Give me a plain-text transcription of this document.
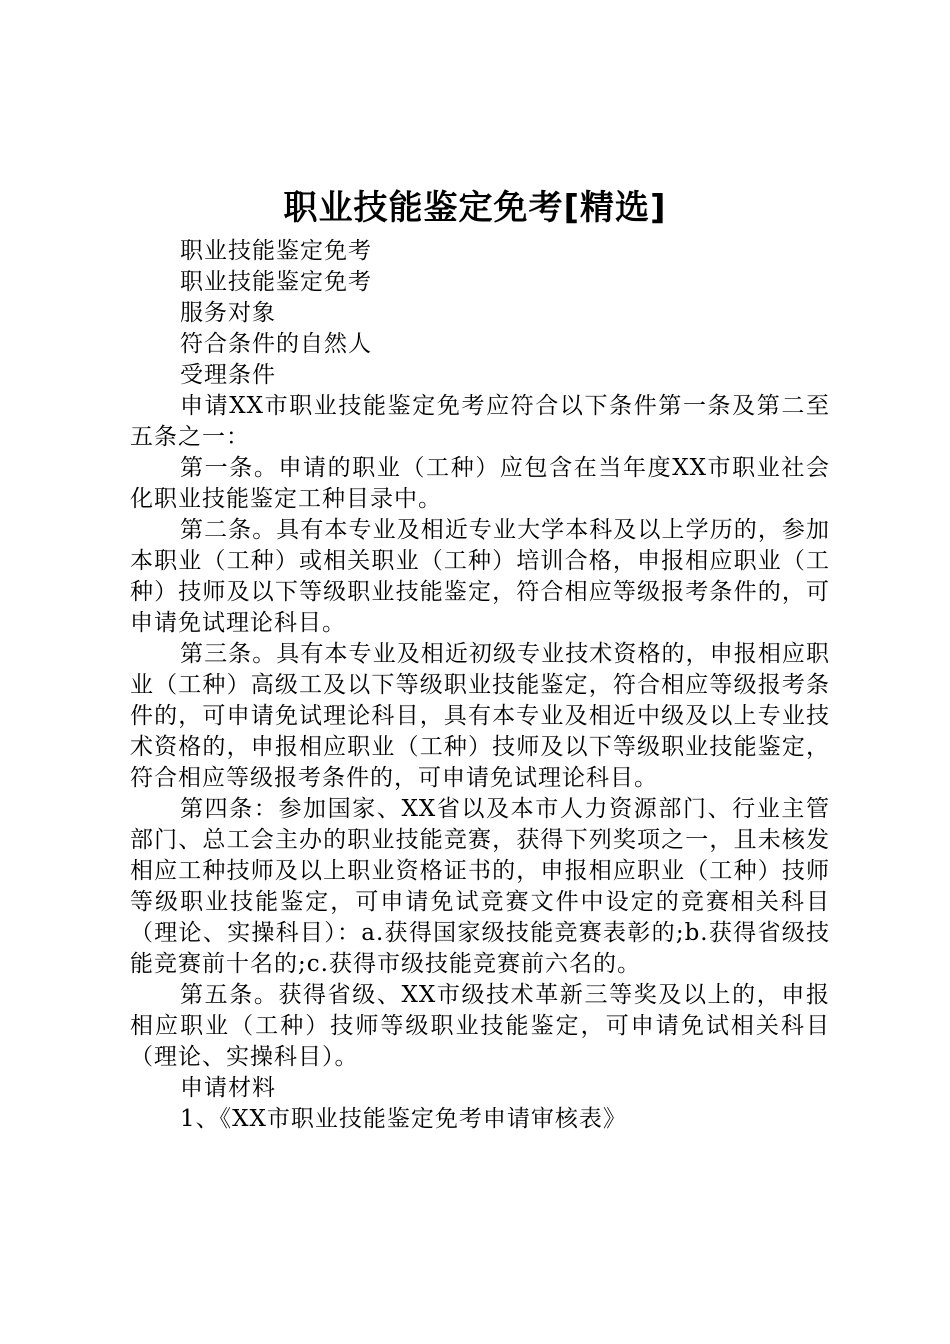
职业技能鉴定免考[精选]

职业技能鉴定免考

职业技能鉴定免考

服务对象

符合条件的自然人

受理条件

申请XX市职业技能鉴定免考应符合以下条件第一条及第二至五条之一：

第一条。申请的职业（工种）应包含在当年度XX市职业社会化职业技能鉴定工种目录中。

第二条。具有本专业及相近专业大学本科及以上学历的，参加本职业（工种）或相关职业（工种）培训合格，申报相应职业（工种）技师及以下等级职业技能鉴定，符合相应等级报考条件的，可申请免试理论科目。

第三条。具有本专业及相近初级专业技术资格的，申报相应职业（工种）高级工及以下等级职业技能鉴定，符合相应等级报考条件的，可申请免试理论科目，具有本专业及相近中级及以上专业技术资格的，申报相应职业（工种）技师及以下等级职业技能鉴定，符合相应等级报考条件的，可申请免试理论科目。

第四条：参加国家、XX省以及本市人力资源部门、行业主管部门、总工会主办的职业技能竞赛，获得下列奖项之一，且未核发相应工种技师及以上职业资格证书的，申报相应职业（工种）技师等级职业技能鉴定，可申请免试竞赛文件中设定的竞赛相关科目（理论、实操科目）：a.获得国家级技能竞赛表彰的;b.获得省级技能竞赛前十名的;c.获得市级技能竞赛前六名的。

第五条。获得省级、XX市级技术革新三等奖及以上的，申报相应职业（工种）技师等级职业技能鉴定，可申请免试相关科目（理论、实操科目）。

申请材料

1、《XX市职业技能鉴定免考申请审核表》
